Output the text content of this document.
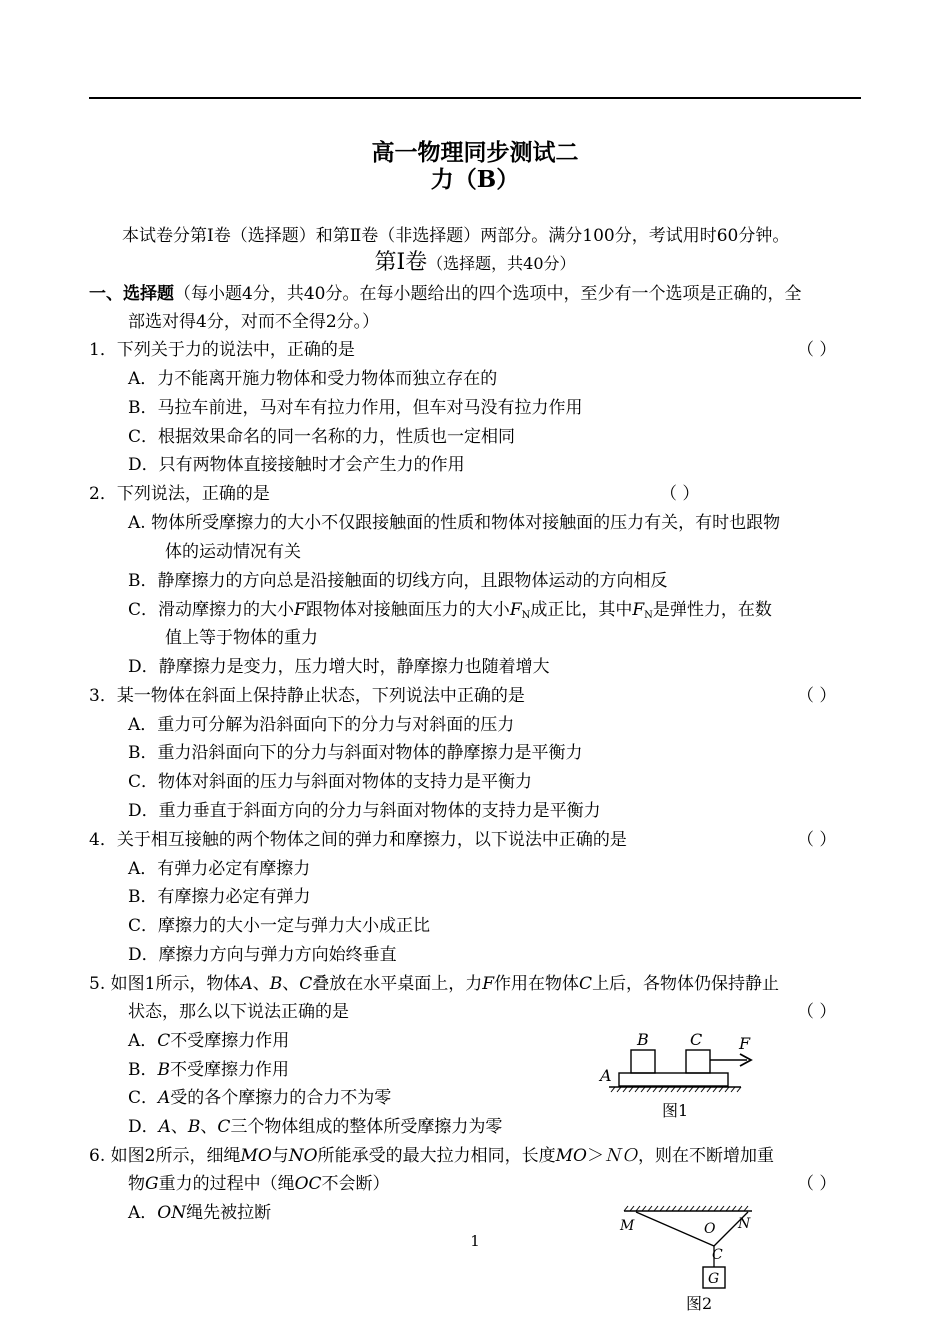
高一物理同步测试二
力（B）
本试卷分第Ⅰ卷（选择题）和第Ⅱ卷（非选择题）两部分。满分100分，考试用时60分钟。
第Ⅰ卷（选择题，共40分）
一、选择题（每小题4分，共40分。在每小题给出的四个选项中，至少有一个选项是正确的，全
部选对得4分，对而不全得2分。）
1．下列关于力的说法中，正确的是	（ ）
A．力不能离开施力物体和受力物体而独立存在的
B．马拉车前进，马对车有拉力作用，但车对马没有拉力作用
C．根据效果命名的同一名称的力，性质也一定相同
D．只有两物体直接接触时才会产生力的作用
2．下列说法，正确的是	（ ）
A. 物体所受摩擦力的大小不仅跟接触面的性质和物体对接触面的压力有关，有时也跟物
体的运动情况有关
B．静摩擦力的方向总是沿接触面的切线方向，且跟物体运动的方向相反
C．滑动摩擦力的大小F跟物体对接触面压力的大小$F_N$成正比，其中$F_N$是弹性力，在数
值上等于物体的重力
D．静摩擦力是变力，压力增大时，静摩擦力也随着增大
3．某一物体在斜面上保持静止状态，下列说法中正确的是	（ ）
A．重力可分解为沿斜面向下的分力与对斜面的压力
B．重力沿斜面向下的分力与斜面对物体的静摩擦力是平衡力
C．物体对斜面的压力与斜面对物体的支持力是平衡力
D．重力垂直于斜面方向的分力与斜面对物体的支持力是平衡力
4．关于相互接触的两个物体之间的弹力和摩擦力，以下说法中正确的是	（ ）
A．有弹力必定有摩擦力
B．有摩擦力必定有弹力
C．摩擦力的大小一定与弹力大小成正比
D．摩擦力方向与弹力方向始终垂直
5. 如图1所示，物体A、B、C叠放在水平桌面上，力F作用在物体C上后，各物体仍保持静止
状态，那么以下说法正确的是	（ ）
A．C不受摩擦力作用
B．B不受摩擦力作用
C．A受的各个摩擦力的合力不为零
D．A、B、C三个物体组成的整体所受摩擦力为零
A
B	C F
图1
6. 如图2所示，细绳MO与NO所能承受的最大拉力相同，长度MO＞ＮＯ，则在不断增加重
物G重力的过程中（绳OC不会断）	（ ）
A．ON绳先被拉断
M	N
O
C
G
图2
1
